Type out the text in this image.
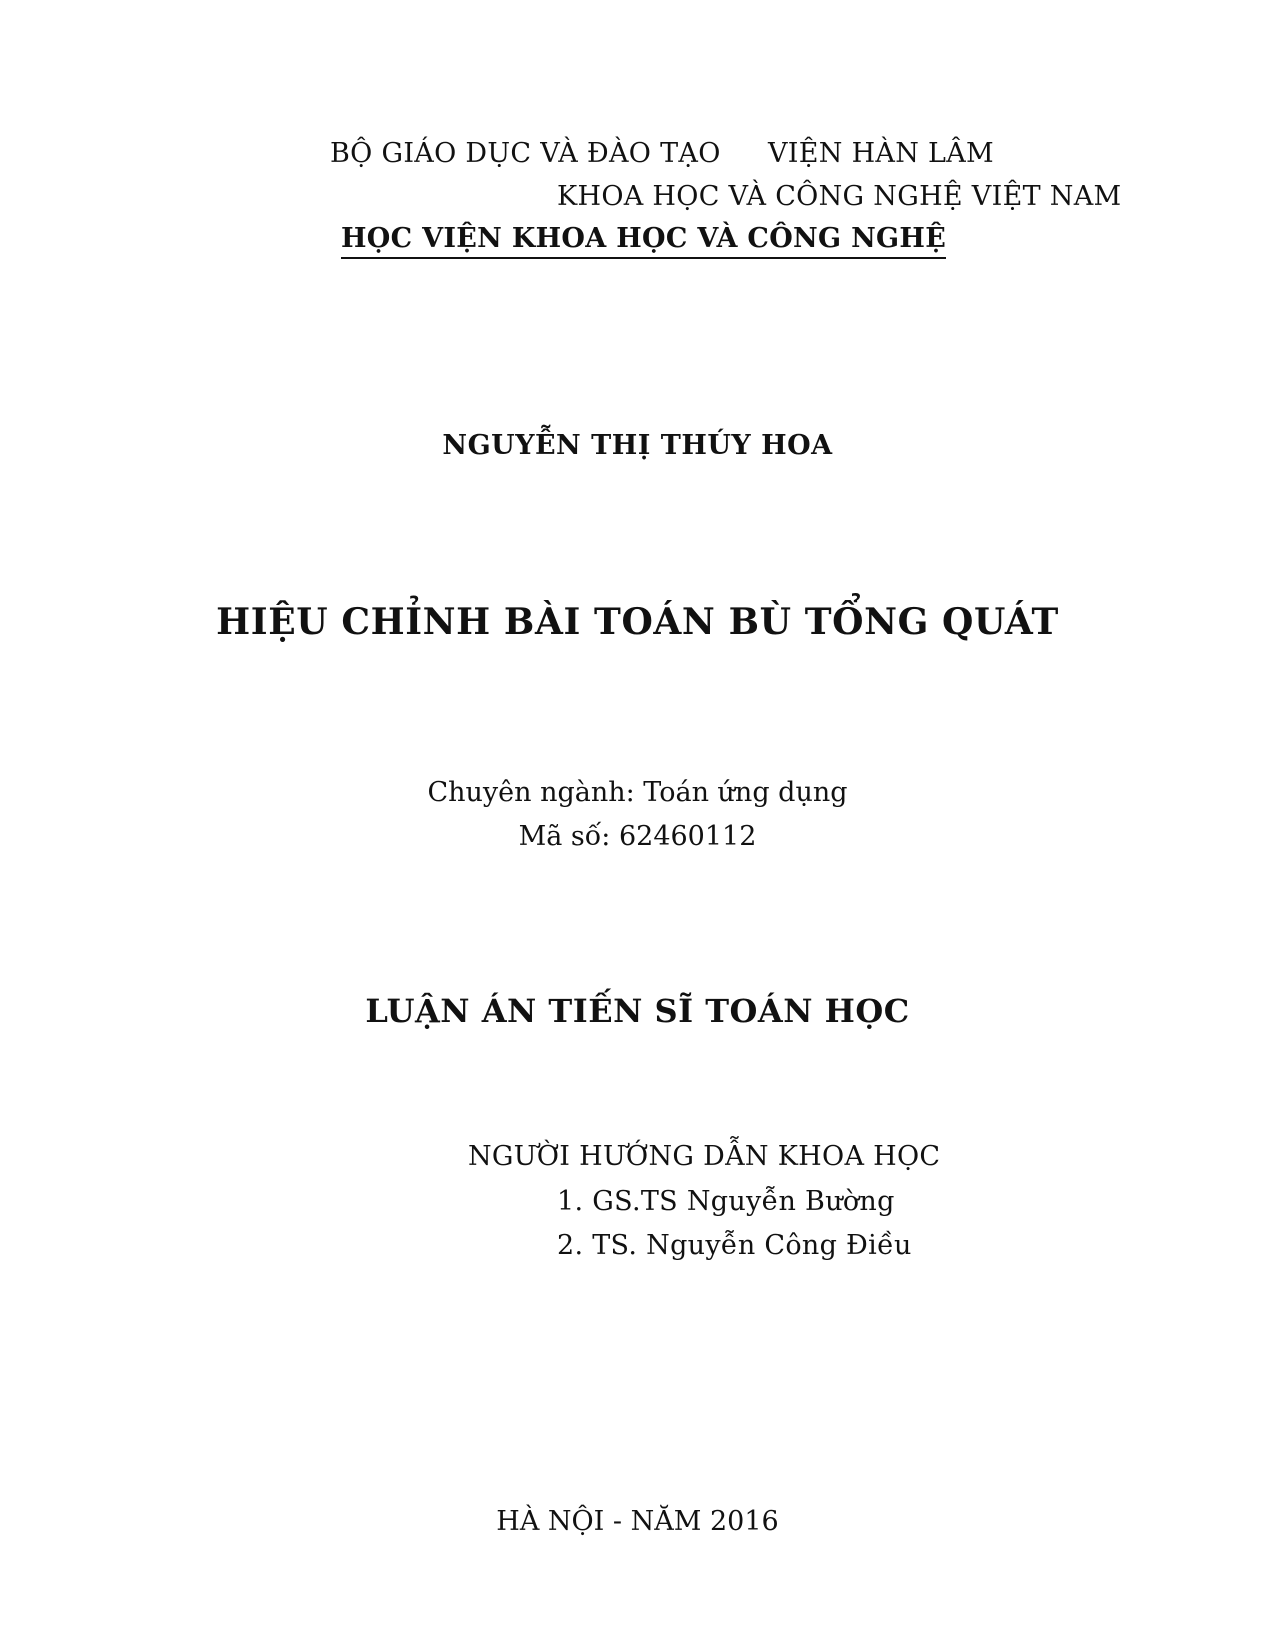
BỘ GIÁO DỤC VÀ ĐÀO TẠO VIỆN HÀN LÂM
KHOA HỌC VÀ CÔNG NGHỆ VIỆT NAM
HỌC VIỆN KHOA HỌC VÀ CÔNG NGHỆ
NGUYỄN THỊ THÚY HOA
HIỆU CHỈNH BÀI TOÁN BÙ TỔNG QUÁT
Chuyên ngành: Toán ứng dụng
Mã số: 62460112
LUẬN ÁN TIẾN SĨ TOÁN HỌC
NGƯỜI HƯỚNG DẪN KHOA HỌC
1. GS.TS Nguyễn Bường
2. TS. Nguyễn Công Điều
HÀ NỘI - NĂM 2016
